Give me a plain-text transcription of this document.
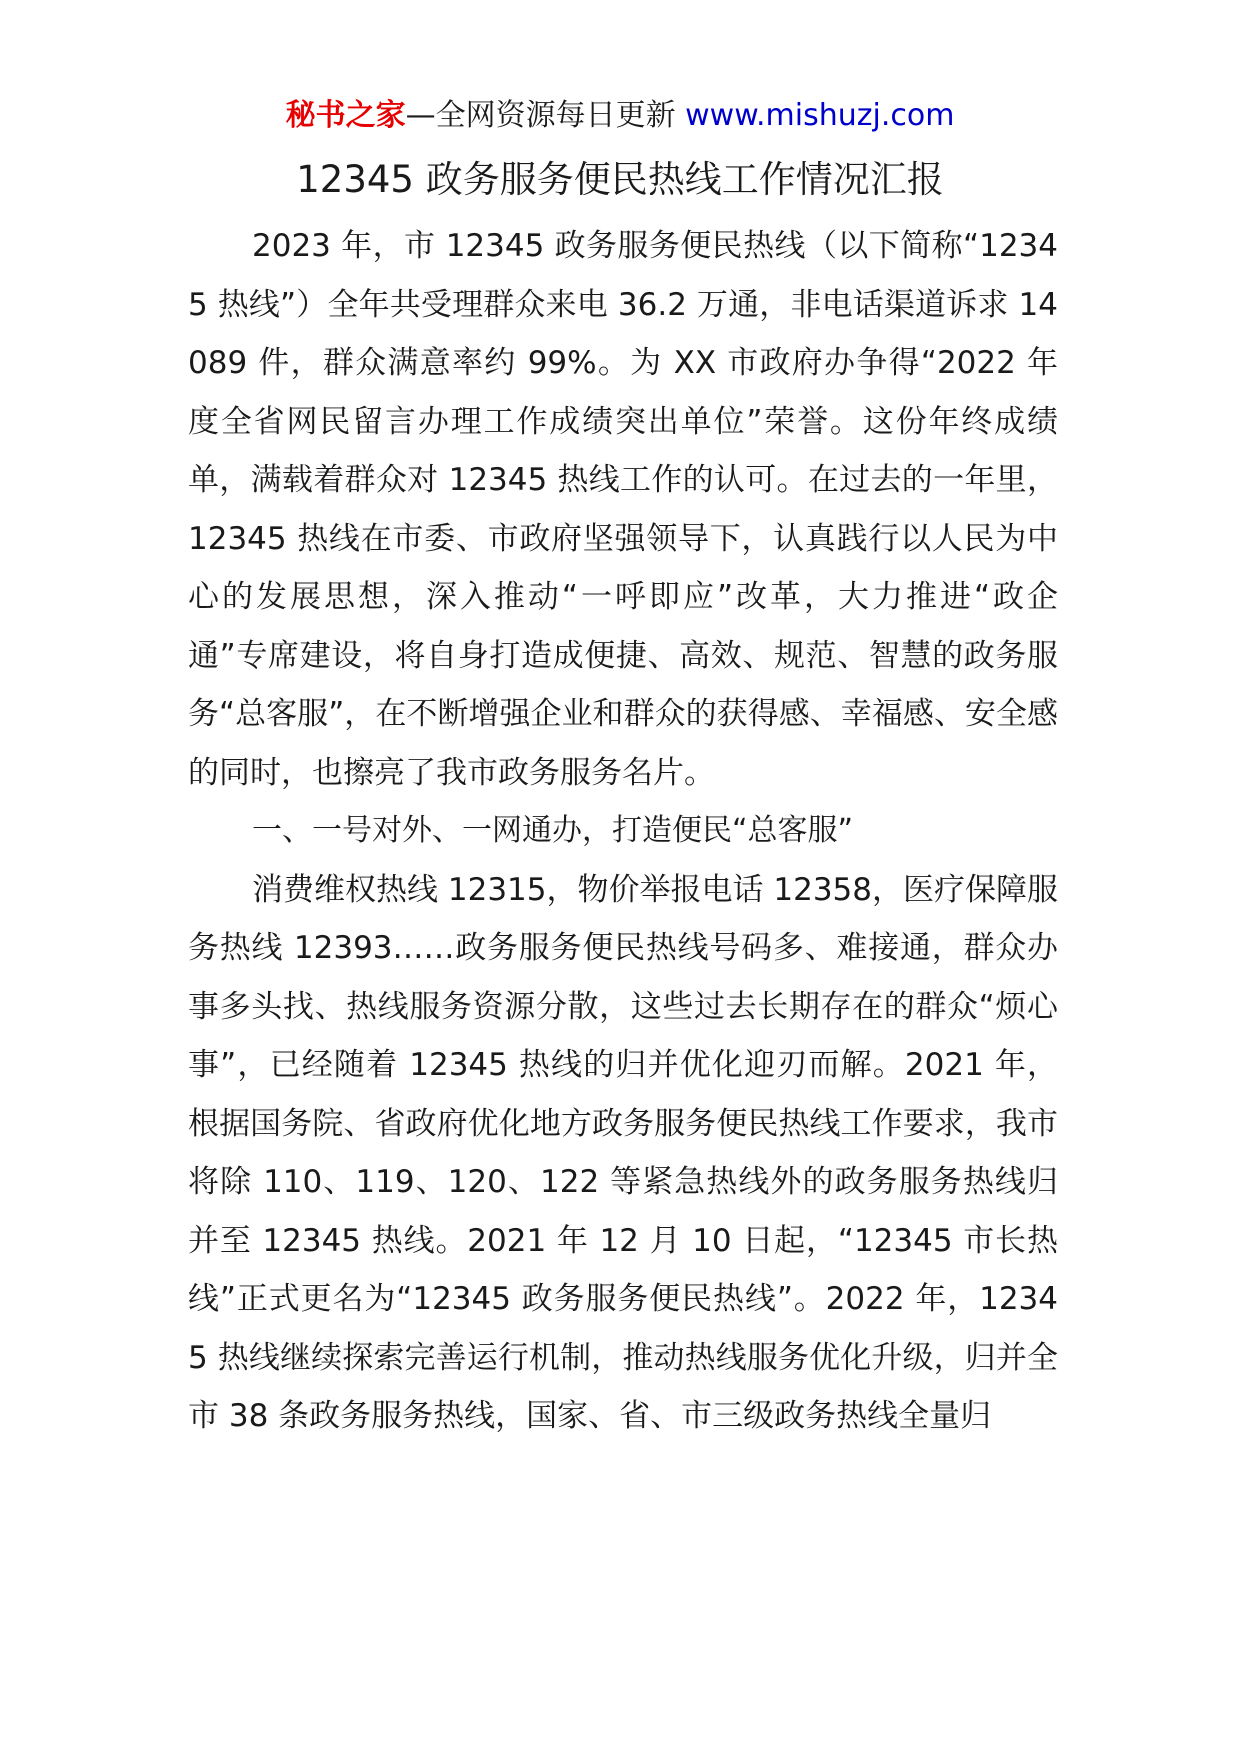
秘书之家—全网资源每日更新 www.mishuzj.com
12345 政务服务便民热线工作情况汇报

2023 年，市 12345 政务服务便民热线（以下简称“12345 热线”）全年共受理群众来电 36.2 万通，非电话渠道诉求 14089 件，群众满意率约 99%。为 XX 市政府办争得“2022 年度全省网民留言办理工作成绩突出单位”荣誉。这份年终成绩单，满载着群众对 12345 热线工作的认可。在过去的一年里，12345 热线在市委、市政府坚强领导下，认真践行以人民为中心的发展思想，深入推动“一呼即应”改革，大力推进“政企通”专席建设，将自身打造成便捷、高效、规范、智慧的政务服务“总客服”，在不断增强企业和群众的获得感、幸福感、安全感的同时，也擦亮了我市政务服务名片。

一、一号对外、一网通办，打造便民“总客服”

消费维权热线 12315，物价举报电话 12358，医疗保障服务热线 12393……政务服务便民热线号码多、难接通，群众办事多头找、热线服务资源分散，这些过去长期存在的群众“烦心事”，已经随着 12345 热线的归并优化迎刃而解。2021 年，根据国务院、省政府优化地方政务服务便民热线工作要求，我市将除 110、119、120、122 等紧急热线外的政务服务热线归并至 12345 热线。2021 年 12 月 10 日起，“12345 市长热线”正式更名为“12345 政务服务便民热线”。2022 年，12345 热线继续探索完善运行机制，推动热线服务优化升级，归并全市 38 条政务服务热线，国家、省、市三级政务热线全量归
